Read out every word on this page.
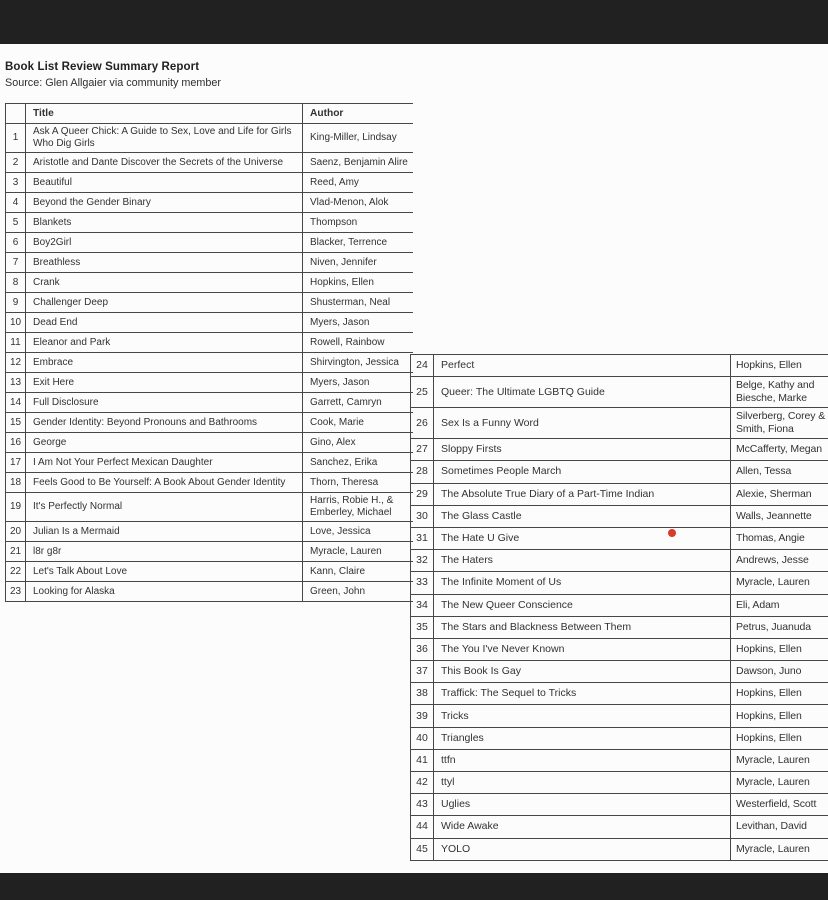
Book List Review Summary Report
Source: Glen Allgaier via community member
	Title	Author
1	Ask A Queer Chick: A Guide to Sex, Love and Life for Girls Who Dig Girls	King-Miller, Lindsay
2	Aristotle and Dante Discover the Secrets of the Universe	Saenz, Benjamin Alire
3	Beautiful	Reed, Amy
4	Beyond the Gender Binary	Vlad-Menon, Alok
5	Blankets	Thompson
6	Boy2Girl	Blacker, Terrence
7	Breathless	Niven, Jennifer
8	Crank	Hopkins, Ellen
9	Challenger Deep	Shusterman, Neal
10	Dead End	Myers, Jason
11	Eleanor and Park	Rowell, Rainbow
12	Embrace	Shirvington, Jessica
13	Exit Here	Myers, Jason
14	Full Disclosure	Garrett, Camryn
15	Gender Identity: Beyond Pronouns and Bathrooms	Cook, Marie
16	George	Gino, Alex
17	I Am Not Your Perfect Mexican Daughter	Sanchez, Erika
18	Feels Good to Be Yourself: A Book About Gender Identity	Thorn, Theresa
19	It's Perfectly Normal	Harris, Robie H., & Emberley, Michael
20	Julian Is a Mermaid	Love, Jessica
21	l8r g8r	Myracle, Lauren
22	Let's Talk About Love	Kann, Claire
23	Looking for Alaska	Green, John
24	Perfect	Hopkins, Ellen
25	Queer: The Ultimate LGBTQ Guide	Belge, Kathy and Biesche, Marke
26	Sex Is a Funny Word	Silverberg, Corey & Smith, Fiona
27	Sloppy Firsts	McCafferty, Megan
28	Sometimes People March	Allen, Tessa
29	The Absolute True Diary of a Part-Time Indian	Alexie, Sherman
30	The Glass Castle	Walls, Jeannette
31	The Hate U Give	Thomas, Angie
32	The Haters	Andrews, Jesse
33	The Infinite Moment of Us	Myracle, Lauren
34	The New Queer Conscience	Eli, Adam
35	The Stars and Blackness Between Them	Petrus, Juanuda
36	The You I've Never Known	Hopkins, Ellen
37	This Book Is Gay	Dawson, Juno
38	Traffick: The Sequel to Tricks	Hopkins, Ellen
39	Tricks	Hopkins, Ellen
40	Triangles	Hopkins, Ellen
41	ttfn	Myracle, Lauren
42	ttyl	Myracle, Lauren
43	Uglies	Westerfield, Scott
44	Wide Awake	Levithan, David
45	YOLO	Myracle, Lauren
